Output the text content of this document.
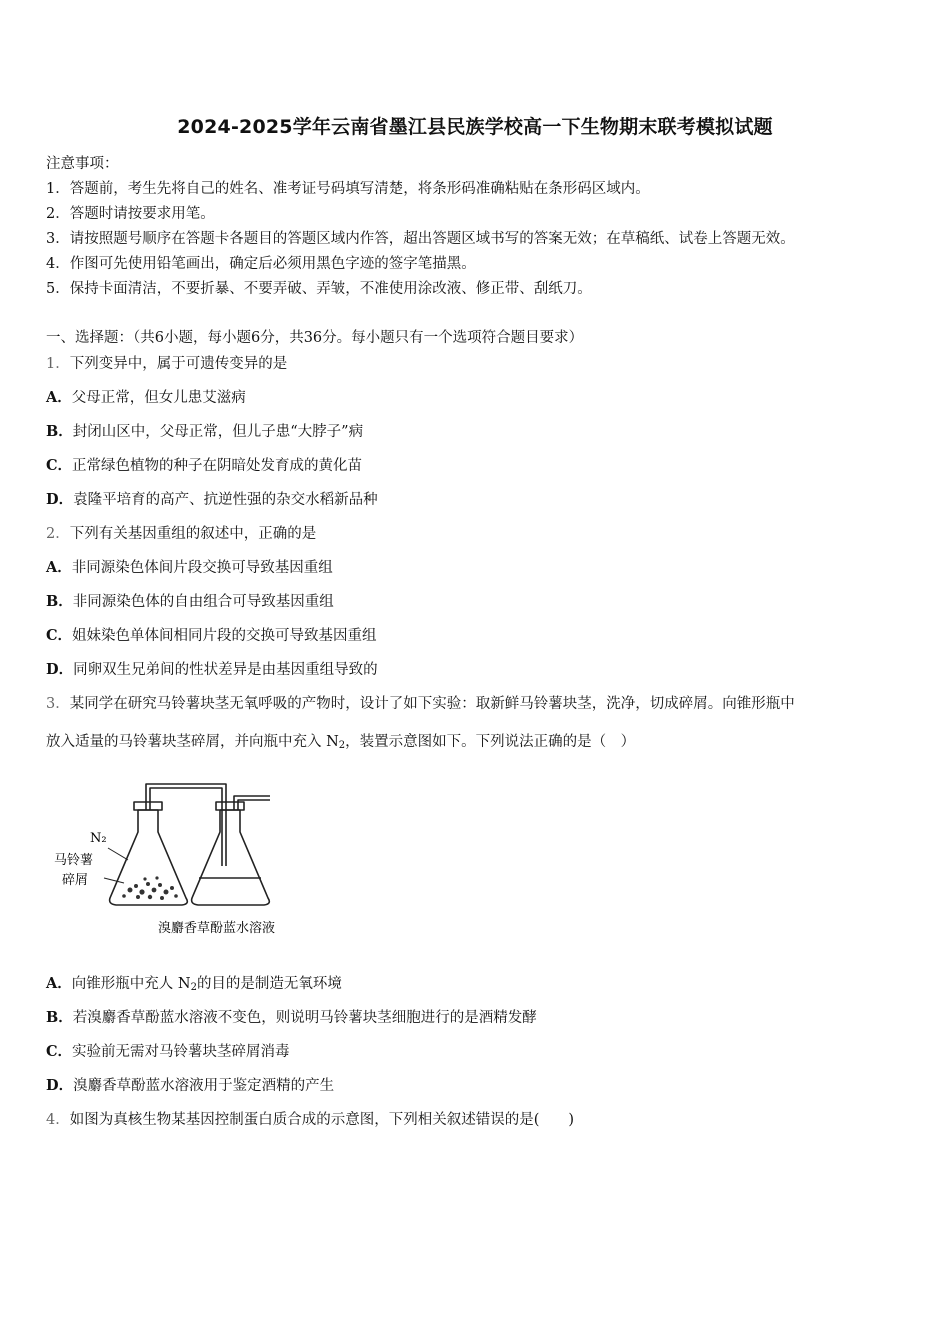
2024-2025学年云南省墨江县民族学校高一下生物期末联考模拟试题
注意事项：
1．答题前，考生先将自己的姓名、准考证号码填写清楚，将条形码准确粘贴在条形码区域内。
2．答题时请按要求用笔。
3．请按照题号顺序在答题卡各题目的答题区域内作答，超出答题区域书写的答案无效；在草稿纸、试卷上答题无效。
4．作图可先使用铅笔画出，确定后必须用黑色字迹的签字笔描黑。
5．保持卡面清洁，不要折暴、不要弄破、弄皱，不准使用涂改液、修正带、刮纸刀。
一、选择题：（共6小题，每小题6分，共36分。每小题只有一个选项符合题目要求）
1．下列变异中，属于可遗传变异的是
A．父母正常，但女儿患艾滋病
B．封闭山区中，父母正常，但儿子患“大脖子”病
C．正常绿色植物的种子在阴暗处发育成的黄化苗
D．袁隆平培育的高产、抗逆性强的杂交水稻新品种
2．下列有关基因重组的叙述中，正确的是
A．非同源染色体间片段交换可导致基因重组
B．非同源染色体的自由组合可导致基因重组
C．姐妹染色单体间相同片段的交换可导致基因重组
D．同卵双生兄弟间的性状差异是由基因重组导致的
3．某同学在研究马铃薯块茎无氧呼吸的产物时，设计了如下实验：取新鲜马铃薯块茎，洗净，切成碎屑。向锥形瓶中
放入适量的马铃薯块茎碎屑，并向瓶中充入 $N_2$，装置示意图如下。下列说法正确的是（　）
N₂
马铃薯
碎屑
溴麝香草酚蓝水溶液
A．向锥形瓶中充人 $N_2$的目的是制造无氧环境
B．若溴麝香草酚蓝水溶液不变色，则说明马铃薯块茎细胞进行的是酒精发酵
C．实验前无需对马铃薯块茎碎屑消毒
D．溴麝香草酚蓝水溶液用于鉴定酒精的产生
4．如图为真核生物某基因控制蛋白质合成的示意图，下列相关叙述错误的是(　　)
